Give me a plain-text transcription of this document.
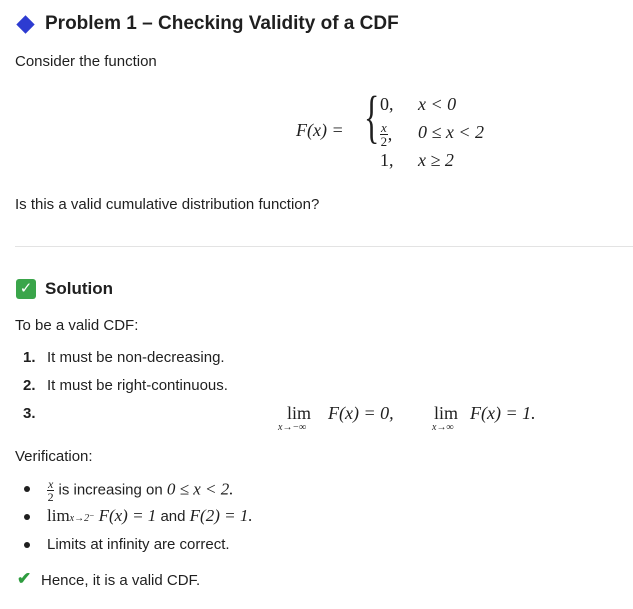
Problem 1 – Checking Validity of a CDF
Consider the function
F(x) = { 0, x < 0
$\frac{x}{2}$ , 0 ≤ x < 2
1, x ≥ 2
Is this a valid cumulative distribution function?
✓ Solution
To be a valid CDF:
1. It must be non-decreasing.
2. It must be right-continuous.
3.	lim
x→−∞
F(x) = 0, lim
x→∞
F(x) = 1.
Verification:
$\frac{x}{2}$ is increasing on 0 ≤ x < 2.
limx→2⁻ F(x) = 1 and F(2) = 1.
Limits at infinity are correct.
✔ Hence, it is a valid CDF.
